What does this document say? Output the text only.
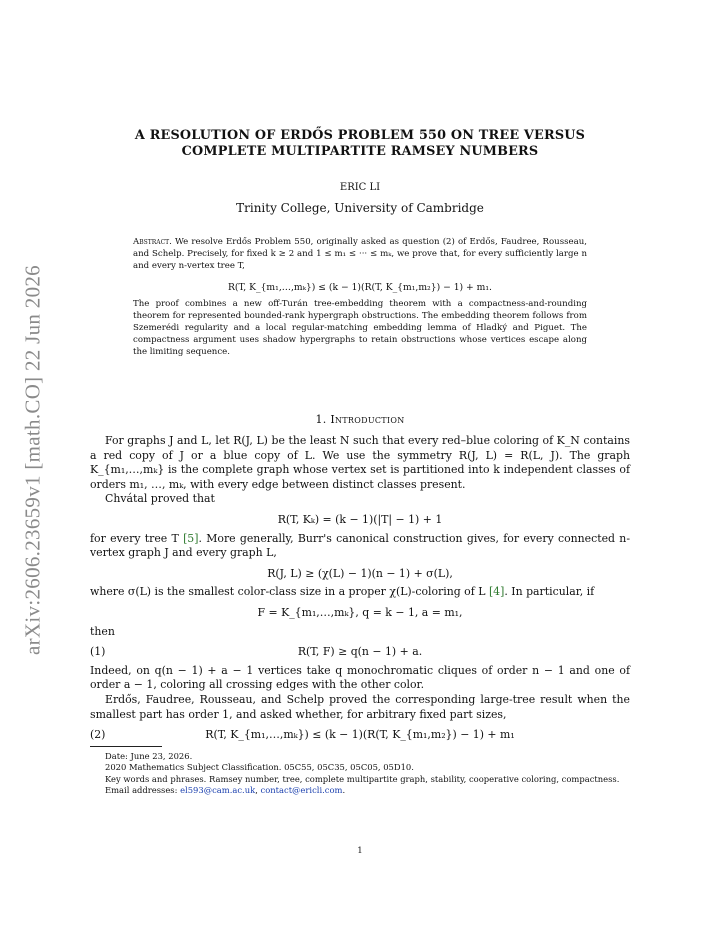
arXiv:2606.23659v1 [math.CO] 22 Jun 2026
A RESOLUTION OF ERDŐS PROBLEM 550 ON TREE VERSUS
COMPLETE MULTIPARTITE RAMSEY NUMBERS
ERIC LI
Trinity College, University of Cambridge
Abstract. We resolve Erdős Problem 550, originally asked as question (2) of Erdős, Faudree, Rousseau, and Schelp. Precisely, for fixed k ≥ 2 and 1 ≤ m₁ ≤ ··· ≤ mₖ, we prove that, for every sufficiently large n and every n-vertex tree T,
R(T, K_{m₁,…,mₖ}) ≤ (k − 1)(R(T, K_{m₁,m₂}) − 1) + m₁.
The proof combines a new off-Turán tree-embedding theorem with a compactness-and-rounding theorem for represented bounded-rank hypergraph obstructions. The embedding theorem follows from Szemerédi regularity and a local regular-matching embedding lemma of Hladký and Piguet. The compactness argument uses shadow hypergraphs to retain obstructions whose vertices escape along the limiting sequence.
1. Introduction

For graphs J and L, let R(J, L) be the least N such that every red–blue coloring of K_N contains a red copy of J or a blue copy of L. We use the symmetry R(J, L) = R(L, J). The graph K_{m₁,…,mₖ} is the complete graph whose vertex set is partitioned into k independent classes of orders m₁, …, mₖ, with every edge between distinct classes present.

Chvátal proved that

R(T, Kₖ) = (k − 1)(|T| − 1) + 1

for every tree T [5]. More generally, Burr's canonical construction gives, for every connected n-vertex graph J and every graph L,

R(J, L) ≥ (χ(L) − 1)(n − 1) + σ(L),

where σ(L) is the smallest color-class size in a proper χ(L)-coloring of L [4]. In particular, if

F = K_{m₁,…,mₖ}, q = k − 1, a = m₁,

then

(1)	R(T, F) ≥ q(n − 1) + a.

Indeed, on q(n − 1) + a − 1 vertices take q monochromatic cliques of order n − 1 and one of order a − 1, coloring all crossing edges with the other color.

Erdős, Faudree, Rousseau, and Schelp proved the corresponding large-tree result when the smallest part has order 1, and asked whether, for arbitrary fixed part sizes,

(2)	R(T, K_{m₁,…,mₖ}) ≤ (k − 1)(R(T, K_{m₁,m₂}) − 1) + m₁

Date: June 23, 2026.

2020 Mathematics Subject Classification. 05C55, 05C35, 05C05, 05D10.

Key words and phrases. Ramsey number, tree, complete multipartite graph, stability, cooperative coloring, compactness.

Email addresses: el593@cam.ac.uk, contact@ericli.com.

1
